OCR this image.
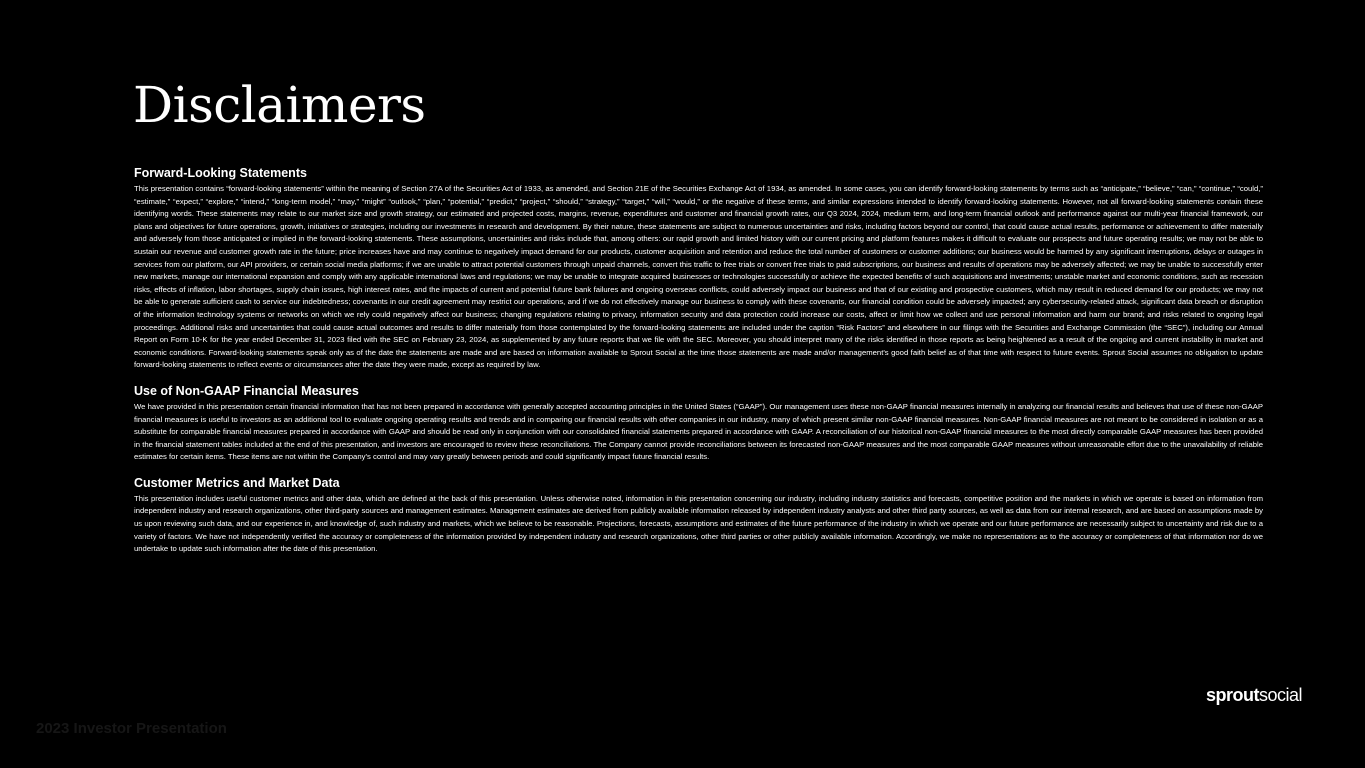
Disclaimers
Forward-Looking Statements

This presentation contains “forward-looking statements” within the meaning of Section 27A of the Securities Act of 1933, as amended, and Section 21E of the Securities Exchange Act of 1934, as amended. In some cases, you can identify forward-looking statements by terms such as “anticipate,” “believe,” “can,” “continue,” “could,” “estimate,” “expect,” “explore,” “intend,” “long-term model,” “may,” “might” “outlook,” “plan,” “potential,” “predict,” “project,” “should,” “strategy,” “target,” “will,” “would,” or the negative of these terms, and similar expressions intended to identify forward-looking statements. However, not all forward-looking statements contain these identifying words. These statements may relate to our market size and growth strategy, our estimated and projected costs, margins, revenue, expenditures and customer and financial growth rates, our Q3 2024, 2024, medium term, and long-term financial outlook and performance against our multi-year financial framework, our plans and objectives for future operations, growth, initiatives or strategies, including our investments in research and development. By their nature, these statements are subject to numerous uncertainties and risks, including factors beyond our control, that could cause actual results, performance or achievement to differ materially and adversely from those anticipated or implied in the forward-looking statements. These assumptions, uncertainties and risks include that, among others: our rapid growth and limited history with our current pricing and platform features makes it difficult to evaluate our prospects and future operating results; we may not be able to sustain our revenue and customer growth rate in the future; price increases have and may continue to negatively impact demand for our products, customer acquisition and retention and reduce the total number of customers or customer additions; our business would be harmed by any significant interruptions, delays or outages in services from our platform, our API providers, or certain social media platforms; if we are unable to attract potential customers through unpaid channels, convert this traffic to free trials or convert free trials to paid subscriptions, our business and results of operations may be adversely affected; we may be unable to successfully enter new markets, manage our international expansion and comply with any applicable international laws and regulations; we may be unable to integrate acquired businesses or technologies successfully or achieve the expected benefits of such acquisitions and investments; unstable market and economic conditions, such as recession risks, effects of inflation, labor shortages, supply chain issues, high interest rates, and the impacts of current and potential future bank failures and ongoing overseas conflicts, could adversely impact our business and that of our existing and prospective customers, which may result in reduced demand for our products; we may not be able to generate sufficient cash to service our indebtedness; covenants in our credit agreement may restrict our operations, and if we do not effectively manage our business to comply with these covenants, our financial condition could be adversely impacted; any cybersecurity-related attack, significant data breach or disruption of the information technology systems or networks on which we rely could negatively affect our business; changing regulations relating to privacy, information security and data protection could increase our costs, affect or limit how we collect and use personal information and harm our brand; and risks related to ongoing legal proceedings. Additional risks and uncertainties that could cause actual outcomes and results to differ materially from those contemplated by the forward-looking statements are included under the caption “Risk Factors” and elsewhere in our filings with the Securities and Exchange Commission (the “SEC”), including our Annual Report on Form 10-K for the year ended December 31, 2023 filed with the SEC on February 23, 2024, as supplemented by any future reports that we file with the SEC. Moreover, you should interpret many of the risks identified in those reports as being heightened as a result of the ongoing and current instability in market and economic conditions. Forward-looking statements speak only as of the date the statements are made and are based on information available to Sprout Social at the time those statements are made and/or management's good faith belief as of that time with respect to future events. Sprout Social assumes no obligation to update forward-looking statements to reflect events or circumstances after the date they were made, except as required by law.

Use of Non-GAAP Financial Measures

We have provided in this presentation certain financial information that has not been prepared in accordance with generally accepted accounting principles in the United States (“GAAP”). Our management uses these non-GAAP financial measures internally in analyzing our financial results and believes that use of these non-GAAP financial measures is useful to investors as an additional tool to evaluate ongoing operating results and trends and in comparing our financial results with other companies in our industry, many of which present similar non-GAAP financial measures. Non-GAAP financial measures are not meant to be considered in isolation or as a substitute for comparable financial measures prepared in accordance with GAAP and should be read only in conjunction with our consolidated financial statements prepared in accordance with GAAP. A reconciliation of our historical non-GAAP financial measures to the most directly comparable GAAP measures has been provided in the financial statement tables included at the end of this presentation, and investors are encouraged to review these reconciliations. The Company cannot provide reconciliations between its forecasted non-GAAP measures and the most comparable GAAP measures without unreasonable effort due to the unavailability of reliable estimates for certain items. These items are not within the Company’s control and may vary greatly between periods and could significantly impact future financial results.

Customer Metrics and Market Data

This presentation includes useful customer metrics and other data, which are defined at the back of this presentation. Unless otherwise noted, information in this presentation concerning our industry, including industry statistics and forecasts, competitive position and the markets in which we operate is based on information from independent industry and research organizations, other third-party sources and management estimates. Management estimates are derived from publicly available information released by independent industry analysts and other third party sources, as well as data from our internal research, and are based on assumptions made by us upon reviewing such data, and our experience in, and knowledge of, such industry and markets, which we believe to be reasonable. Projections, forecasts, assumptions and estimates of the future performance of the industry in which we operate and our future performance are necessarily subject to uncertainty and risk due to a variety of factors. We have not independently verified the accuracy or completeness of the information provided by independent industry and research organizations, other third parties or other publicly available information. Accordingly, we make no representations as to the accuracy or completeness of that information nor do we undertake to update such information after the date of this presentation.

2023 Investor Presentation
sproutsocial
